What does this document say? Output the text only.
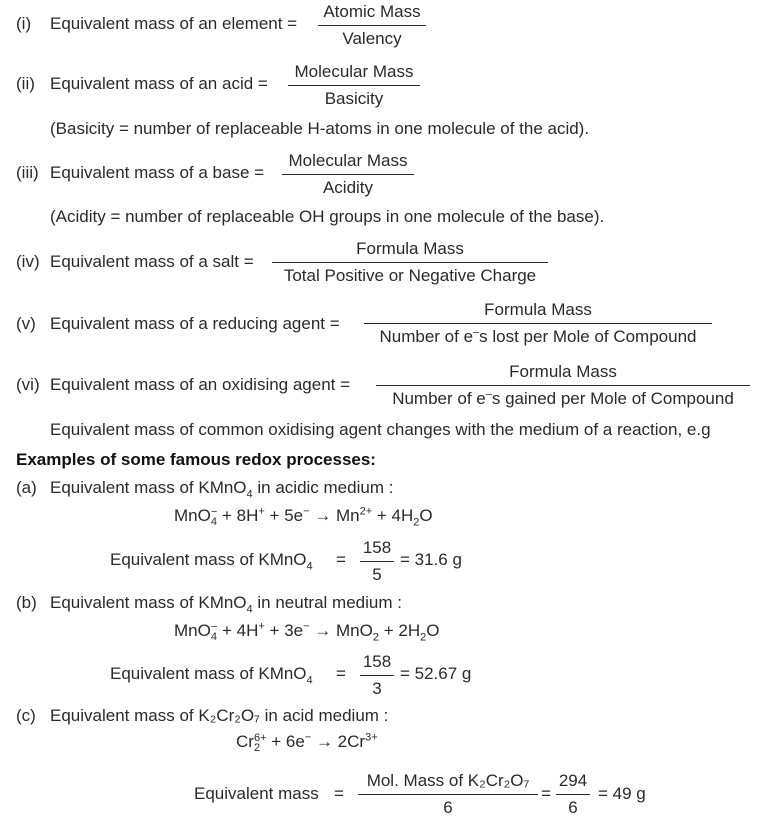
(i) Equivalent mass of an element =
Atomic Mass
Valency
(ii) Equivalent mass of an acid =
Molecular Mass
Basicity
(Basicity = number of replaceable H-atoms in one molecule of the acid).
(iii) Equivalent mass of a base =
Molecular Mass
Acidity
(Acidity = number of replaceable OH groups in one molecule of the base).
(iv) Equivalent mass of a salt =
Formula Mass
Total Positive or Negative Charge
(v) Equivalent mass of a reducing agent =
Formula Mass
Number of e–s lost per Mole of Compound
(vi) Equivalent mass of an oxidising agent =
Formula Mass
Number of e–s gained per Mole of Compound
Equivalent mass of common oxidising agent changes with the medium of a reaction, e.g
Examples of some famous redox processes:
(a) Equivalent mass of KMnO$_4$ in acidic medium :
MnO −
$4 + 8H^+ + 5e^- \to Mn^{2+} + 4H_2O$
Equivalent mass of KMnO$_4$ =
158
5
= 31.6 g
(b) Equivalent mass of KMnO$_4$ in neutral medium :
MnO −
$4 + 4H^+ + 3e^- \to MnO_2 + 2H_2O$
Equivalent mass of KMnO$_4$ =
158
3
= 52.67 g
(c) Equivalent mass of K₂Cr₂O₇ in acid medium :
Cr 6+
$2 + 6e^- \to 2Cr^{3+}$
Equivalent mass =
Mol. Mass of K₂Cr₂O₇
6
=
294
6
= 49 g
